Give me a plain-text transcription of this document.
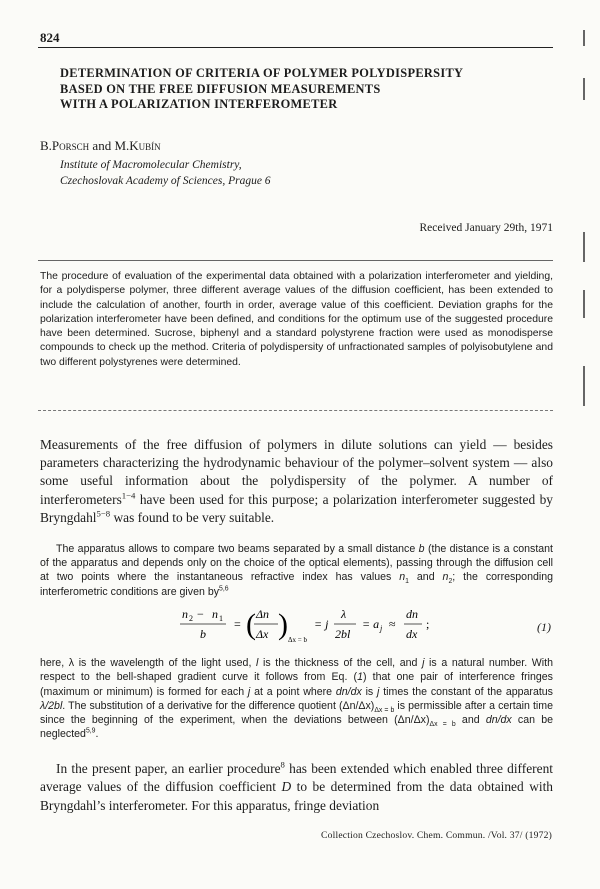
824
DETERMINATION OF CRITERIA OF POLYMER POLYDISPERSITY
BASED ON THE FREE DIFFUSION MEASUREMENTS
WITH A POLARIZATION INTERFEROMETER
B.Porsch and M.Kubín
Institute of Macromolecular Chemistry,
Czechoslovak Academy of Sciences, Prague 6
Received January 29th, 1971
The procedure of evaluation of the experimental data obtained with a polarization interferometer and yielding, for a polydisperse polymer, three different average values of the diffusion coefficient, has been extended to include the calculation of another, fourth in order, average value of this coefficient. Deviation graphs for the polarization interferometer have been defined, and conditions for the optimum use of the suggested procedure have been determined. Sucrose, biphenyl and a standard polystyrene fraction were used as monodisperse compounds to check up the method. Criteria of polydispersity of unfractionated samples of polyisobutylene and two different polystyrenes were determined.
Measurements of the free diffusion of polymers in dilute solutions can yield — besides parameters characterizing the hydrodynamic behaviour of the polymer–solvent system — also some useful information about the polydispersity of the polymer. A number of interferometers$^{1-4}$ have been used for this purpose; a polarization interferometer suggested by Bryngdahl$^{5-8}$ was found to be very suitable.
The apparatus allows to compare two beams separated by a small distance b (the distance is a constant of the apparatus and depends only on the choice of the optical elements), passing through the diffusion cell at two points where the instantaneous refractive index has values $n_1$ and $n_2$; the corresponding interferometric conditions are given by$^{5,6}$
n 2 − n 1
b
= ( Δn
Δx ) Δx = b
= j
λ
2bl
= a j ≈
dn
dx
;	(1)
here, λ is the wavelength of the light used, l is the thickness of the cell, and j is a natural number. With respect to the bell-shaped gradient curve it follows from Eq. (1) that one pair of interference fringes (maximum or minimum) is formed for each j at a point where dn/dx is j times the constant of the apparatus λ/2bl. The substitution of a derivative for the difference quotient $(\Delta n/\Delta x)_{\Delta x = b}$ is permissible after a certain time since the beginning of the experiment, when the deviations between $(\Delta n/\Delta x)_{\Delta x = b}$ and dn/dx can be neglected$^{5,9}$.
In the present paper, an earlier procedure$^8$ has been extended which enabled three different average values of the diffusion coefficient D to be determined from the data obtained with Bryngdahl’s interferometer. For this apparatus, fringe deviation
Collection Czechoslov. Chem. Commun. /Vol. 37/ (1972)
